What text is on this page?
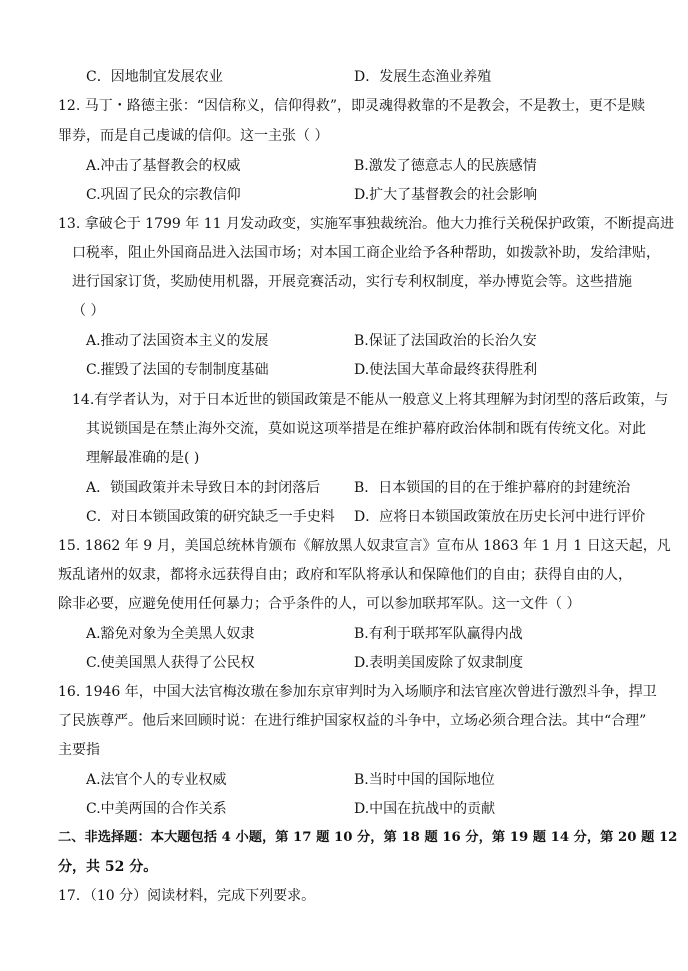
C．因地制宜发展农业	D．发展生态渔业养殖
12. 马丁・路德主张：“因信称义，信仰得救”，即灵魂得救靠的不是教会，不是教士，更不是赎
罪券，而是自己虔诚的信仰。这一主张（ ）
A.冲击了基督教会的权威	B.激发了德意志人的民族感情
C.巩固了民众的宗教信仰	D.扩大了基督教会的社会影响
13. 拿破仑于 1799 年 11 月发动政变，实施军事独裁统治。他大力推行关税保护政策，不断提高进
口税率，阻止外国商品进入法国市场；对本国工商企业给予各种帮助，如拨款补助，发给津贴，
进行国家订货，奖励使用机器，开展竞赛活动，实行专利权制度，举办博览会等。这些措施
（ ）
A.推动了法国资本主义的发展	B.保证了法国政治的长治久安
C.摧毁了法国的专制制度基础	D.使法国大革命最终获得胜利
14.有学者认为，对于日本近世的锁国政策是不能从一般意义上将其理解为封闭型的落后政策，与
其说锁国是在禁止海外交流，莫如说这项举措是在维护幕府政治体制和既有传统文化。对此
理解最准确的是( )
A．锁国政策并未导致日本的封闭落后 B．日本锁国的目的在于维护幕府的封建统治
C．对日本锁国政策的研究缺乏一手史料 D．应将日本锁国政策放在历史长河中进行评价
15. 1862 年 9 月，美国总统林肯颁布《解放黑人奴隶宣言》宣布从 1863 年 1 月 1 日这天起，凡
叛乱诸州的奴隶，都将永远获得自由；政府和军队将承认和保障他们的自由；获得自由的人，
除非必要，应避免使用任何暴力；合乎条件的人，可以参加联邦军队。这一文件（ ）
A.豁免对象为全美黑人奴隶	B.有利于联邦军队赢得内战
C.使美国黑人获得了公民权	D.表明美国废除了奴隶制度
16. 1946 年，中国大法官梅汝璈在参加东京审判时为入场顺序和法官座次曾进行激烈斗争，捍卫
了民族尊严。他后来回顾时说：在进行维护国家权益的斗争中，立场必须合理合法。其中“合理”
主要指
A.法官个人的专业权威	B.当时中国的国际地位
C.中美两国的合作关系	D.中国在抗战中的贡献
二、非选择题：本大题包括 4 小题，第 17 题 10 分，第 18 题 16 分，第 19 题 14 分，第 20 题 12
分，共 52 分。
17．（10 分）阅读材料，完成下列要求。
